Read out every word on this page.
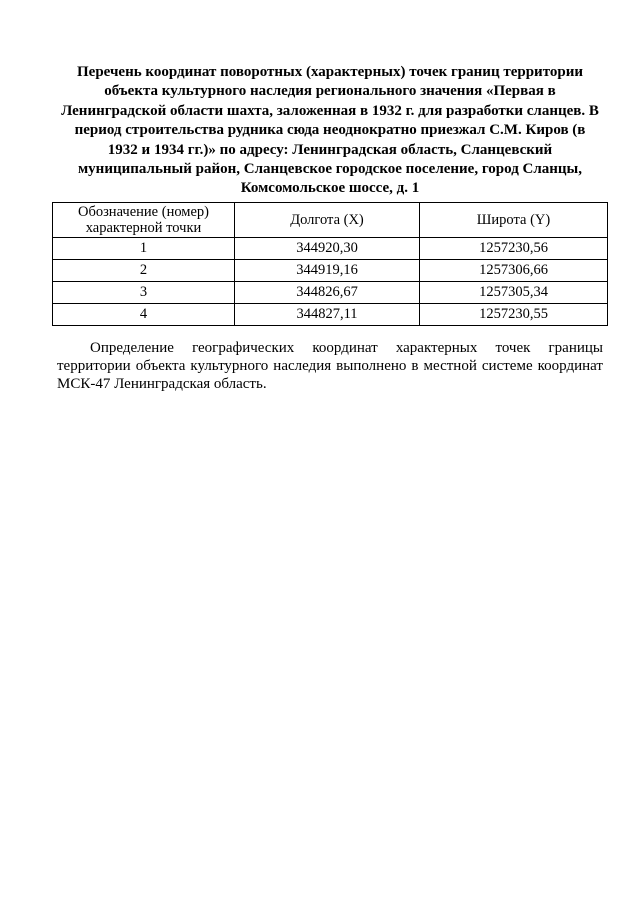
Перечень координат поворотных (характерных) точек границ территории
объекта культурного наследия регионального значения «Первая в
Ленинградской области шахта, заложенная в 1932 г. для разработки сланцев. В
период строительства рудника сюда неоднократно приезжал С.М. Киров (в
1932 и 1934 гг.)» по адресу: Ленинградская область, Сланцевский
муниципальный район, Сланцевское городское поселение, город Сланцы,
Комсомольское шоссе, д. 1
Обозначение (номер)
характерной точки	Долгота (X)	Широта (Y)
1	344920,30	1257230,56
2	344919,16	1257306,66
3	344826,67	1257305,34
4	344827,11	1257230,55

Определение географических координат характерных точек границы территории объекта культурного наследия выполнено в местной системе координат МСК-47 Ленинградская область.
